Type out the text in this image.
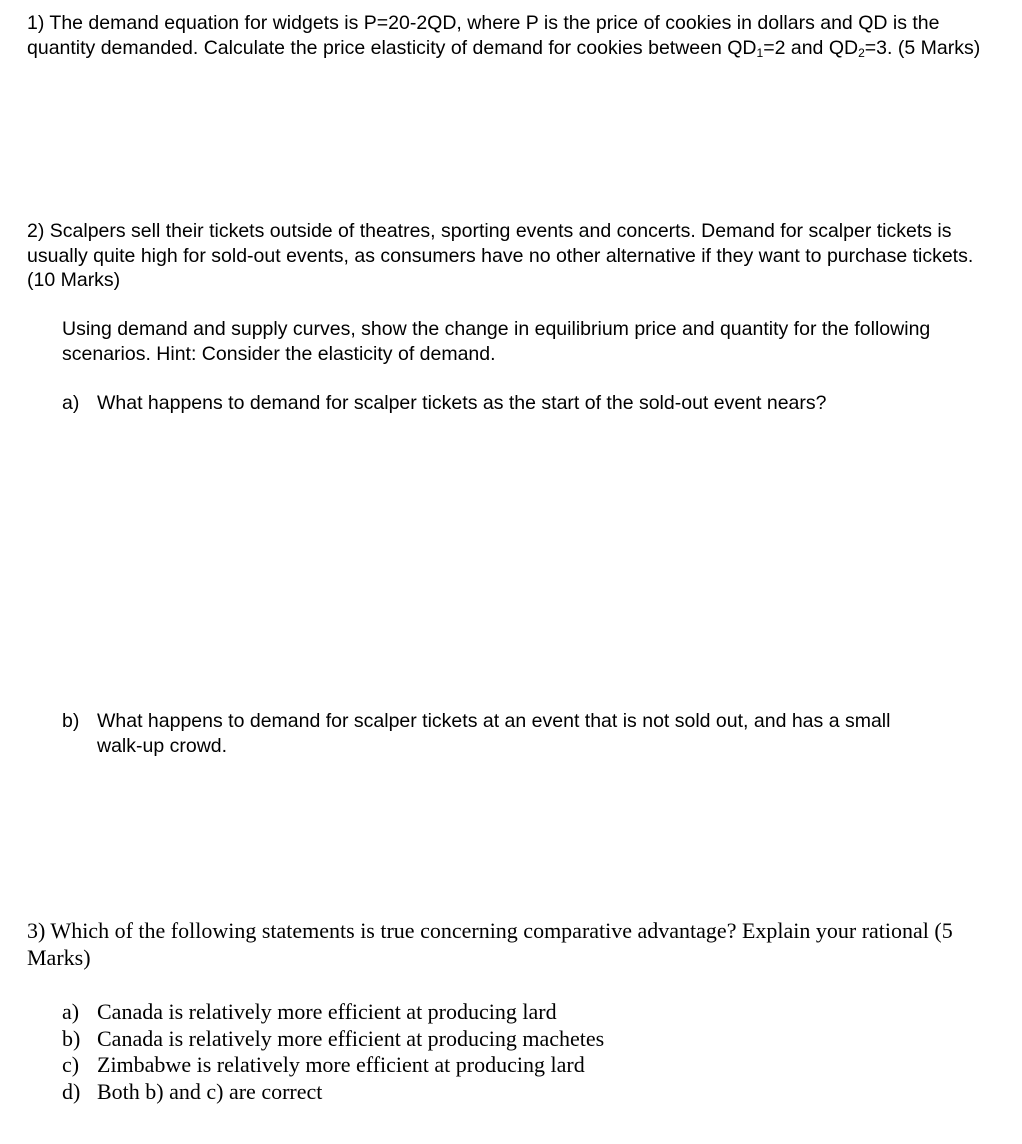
1) The demand equation for widgets is P=20-2QD, where P is the price of cookies in dollars and QD is the quantity demanded. Calculate the price elasticity of demand for cookies between $QD_1=2$ and $QD_2=3$. (5 Marks)

2) Scalpers sell their tickets outside of theatres, sporting events and concerts. Demand for scalper tickets is usually quite high for sold-out events, as consumers have no other alternative if they want to purchase tickets. (10 Marks)

Using demand and supply curves, show the change in equilibrium price and quantity for the following scenarios. Hint: Consider the elasticity of demand.

a) What happens to demand for scalper tickets as the start of the sold-out event nears?
b) What happens to demand for scalper tickets at an event that is not sold out, and has a small walk-up crowd.

3) Which of the following statements is true concerning comparative advantage? Explain your rational (5 Marks)

a) Canada is relatively more efficient at producing lard
b) Canada is relatively more efficient at producing machetes
c) Zimbabwe is relatively more efficient at producing lard
d) Both b) and c) are correct
